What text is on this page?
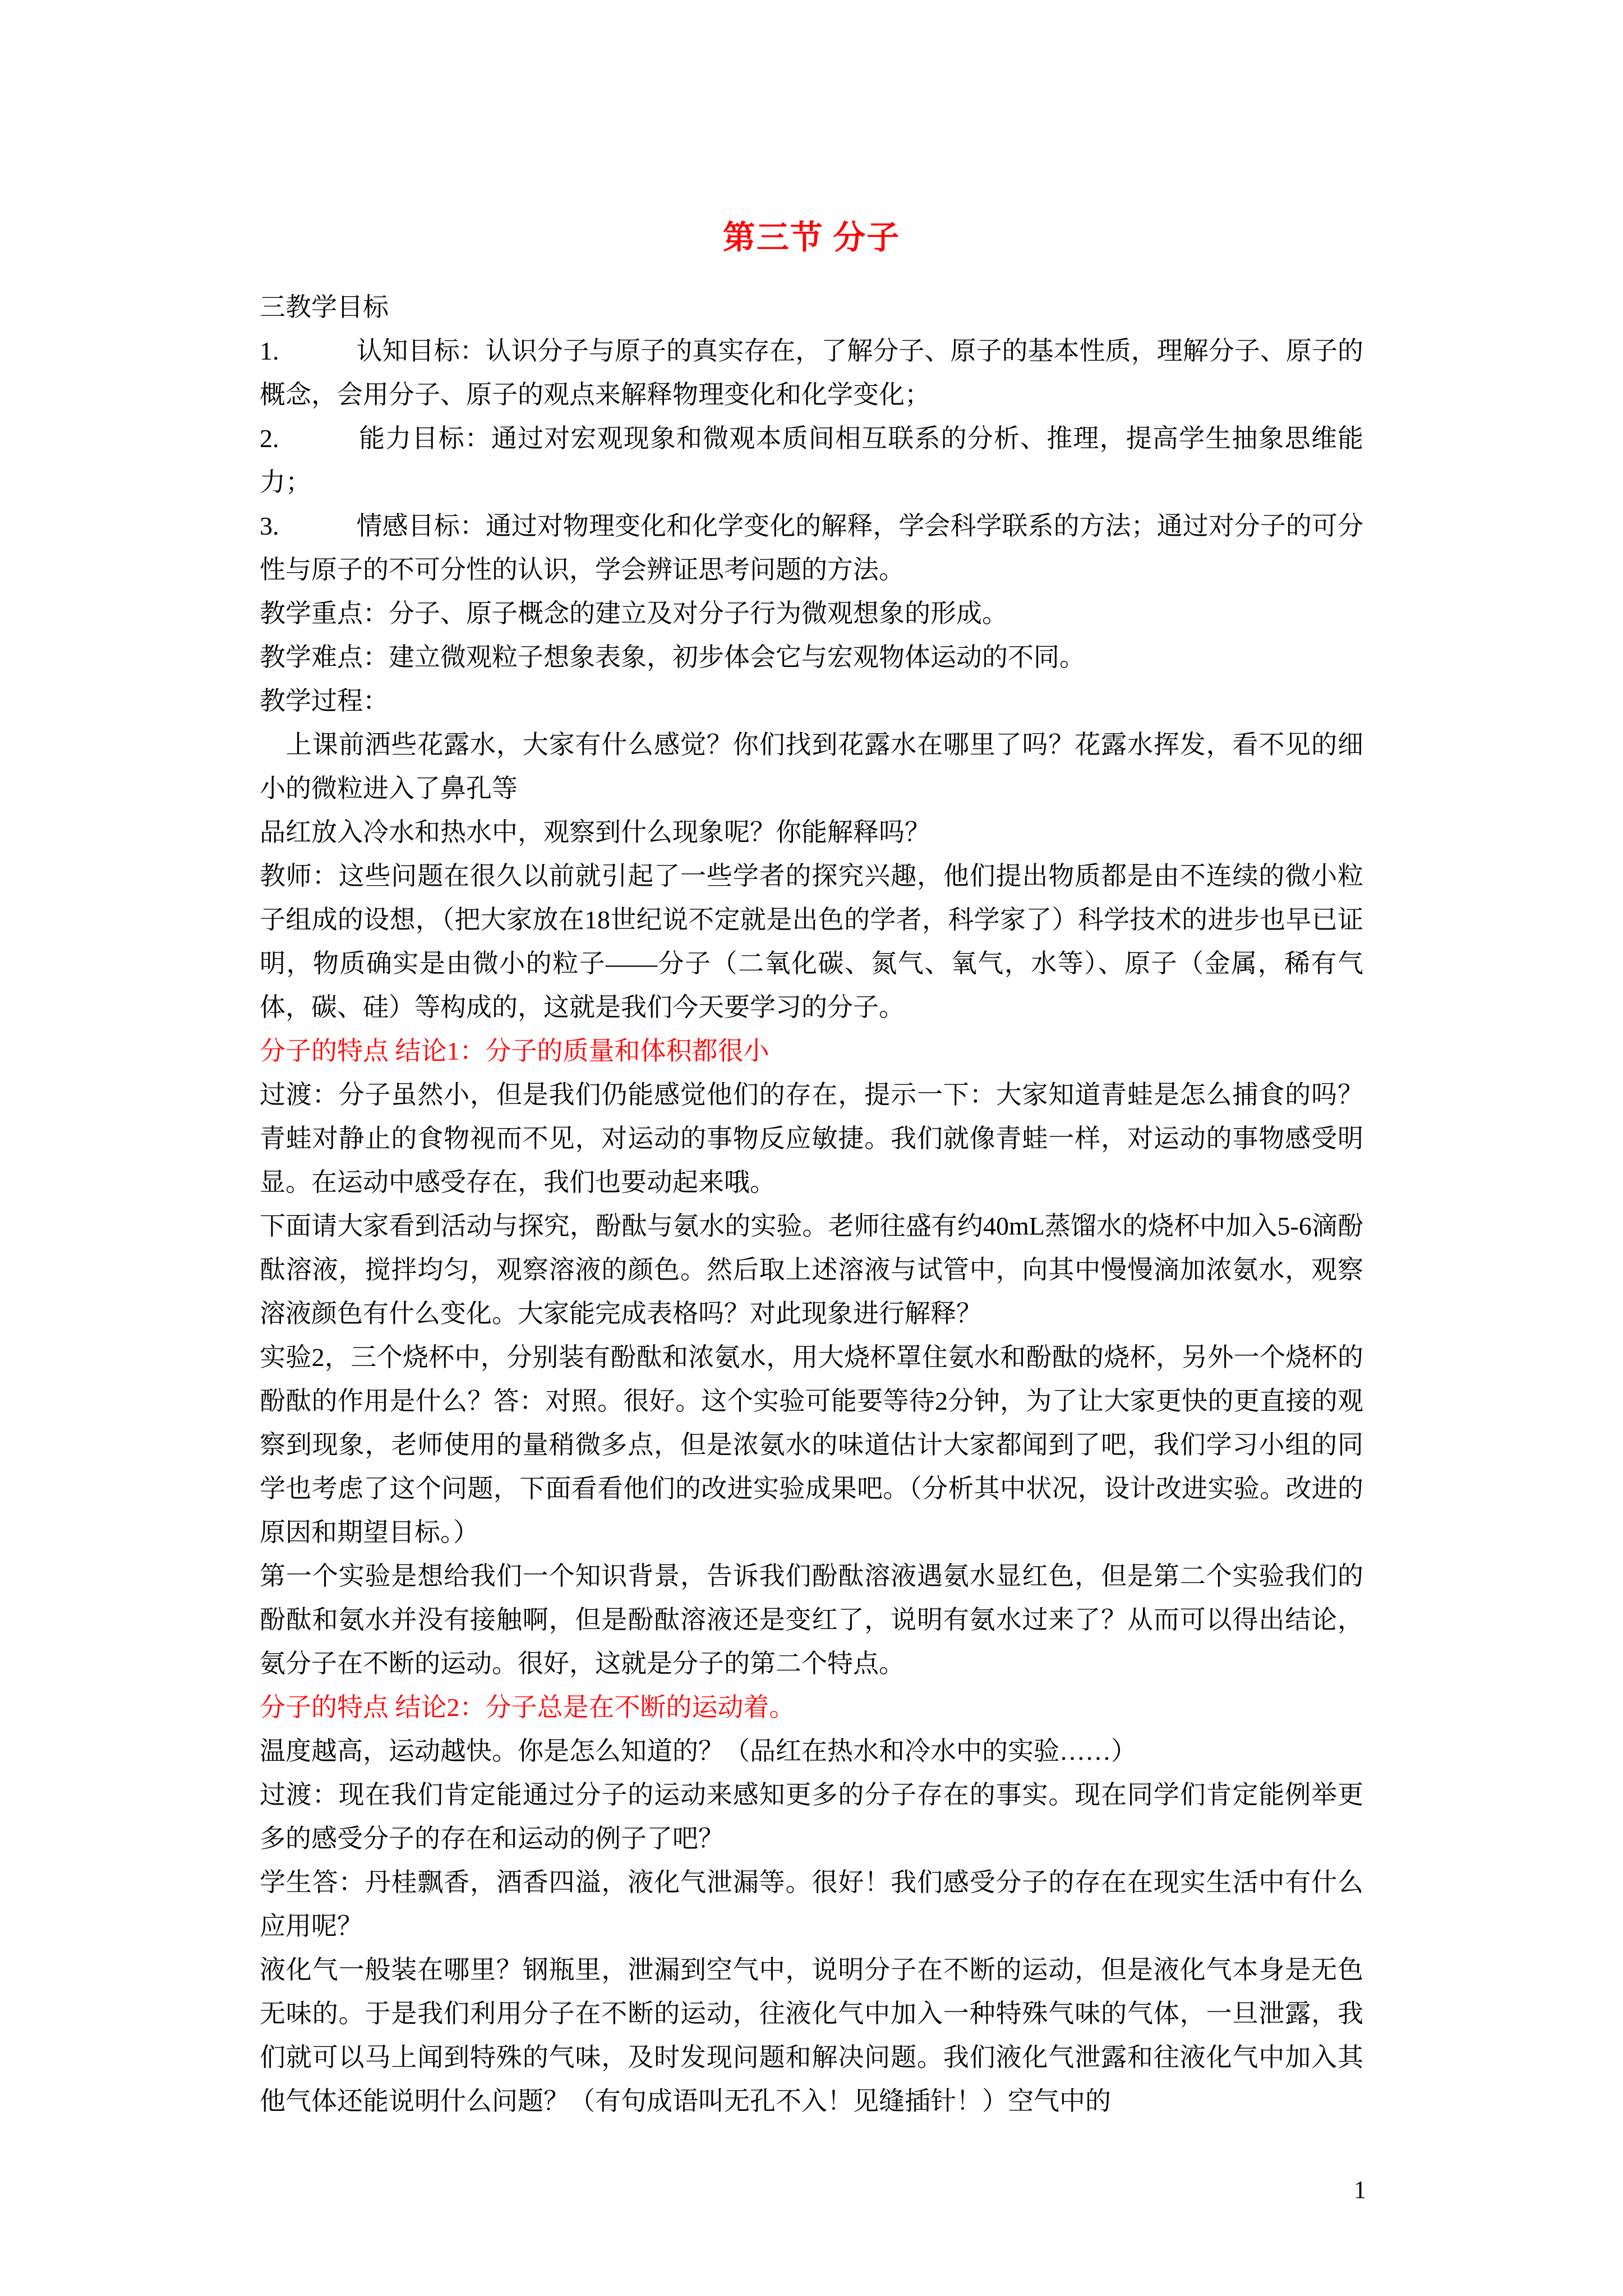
第三节 分子

三教学目标

1.　　　认知目标：认识分子与原子的真实存在，了解分子、原子的基本性质，理解分子、原子的概念，会用分子、原子的观点来解释物理变化和化学变化；

2.　　　能力目标：通过对宏观现象和微观本质间相互联系的分析、推理，提高学生抽象思维能力；

3.　　　情感目标：通过对物理变化和化学变化的解释，学会科学联系的方法；通过对分子的可分性与原子的不可分性的认识，学会辨证思考问题的方法。

教学重点：分子、原子概念的建立及对分子行为微观想象的形成。

教学难点：建立微观粒子想象表象，初步体会它与宏观物体运动的不同。

教学过程：

　上课前洒些花露水，大家有什么感觉？你们找到花露水在哪里了吗？花露水挥发，看不见的细小的微粒进入了鼻孔等

品红放入冷水和热水中，观察到什么现象呢？你能解释吗？

教师：这些问题在很久以前就引起了一些学者的探究兴趣，他们提出物质都是由不连续的微小粒子组成的设想，（把大家放在18世纪说不定就是出色的学者，科学家了）科学技术的进步也早已证明，物质确实是由微小的粒子——分子（二氧化碳、氮气、氧气，水等）、原子（金属，稀有气体，碳、硅）等构成的，这就是我们今天要学习的分子。

分子的特点 结论1：分子的质量和体积都很小

过渡：分子虽然小，但是我们仍能感觉他们的存在，提示一下：大家知道青蛙是怎么捕食的吗？青蛙对静止的食物视而不见，对运动的事物反应敏捷。我们就像青蛙一样，对运动的事物感受明显。在运动中感受存在，我们也要动起来哦。

下面请大家看到活动与探究，酚酞与氨水的实验。老师往盛有约40mL蒸馏水的烧杯中加入5-6滴酚酞溶液，搅拌均匀，观察溶液的颜色。然后取上述溶液与试管中，向其中慢慢滴加浓氨水，观察溶液颜色有什么变化。大家能完成表格吗？对此现象进行解释？

实验2，三个烧杯中，分别装有酚酞和浓氨水，用大烧杯罩住氨水和酚酞的烧杯，另外一个烧杯的酚酞的作用是什么？答：对照。很好。这个实验可能要等待2分钟，为了让大家更快的更直接的观察到现象，老师使用的量稍微多点，但是浓氨水的味道估计大家都闻到了吧，我们学习小组的同学也考虑了这个问题，下面看看他们的改进实验成果吧。（分析其中状况，设计改进实验。改进的原因和期望目标。）

第一个实验是想给我们一个知识背景，告诉我们酚酞溶液遇氨水显红色，但是第二个实验我们的酚酞和氨水并没有接触啊，但是酚酞溶液还是变红了，说明有氨水过来了？从而可以得出结论，氨分子在不断的运动。很好，这就是分子的第二个特点。

分子的特点 结论2：分子总是在不断的运动着。

温度越高，运动越快。你是怎么知道的？（品红在热水和冷水中的实验……）

过渡：现在我们肯定能通过分子的运动来感知更多的分子存在的事实。现在同学们肯定能例举更多的感受分子的存在和运动的例子了吧？

学生答：丹桂飘香，酒香四溢，液化气泄漏等。很好！我们感受分子的存在在现实生活中有什么应用呢？

液化气一般装在哪里？钢瓶里，泄漏到空气中，说明分子在不断的运动，但是液化气本身是无色无味的。于是我们利用分子在不断的运动，往液化气中加入一种特殊气味的气体，一旦泄露，我们就可以马上闻到特殊的气味，及时发现问题和解决问题。我们液化气泄露和往液化气中加入其他气体还能说明什么问题？（有句成语叫无孔不入！见缝插针！）空气中的

1
